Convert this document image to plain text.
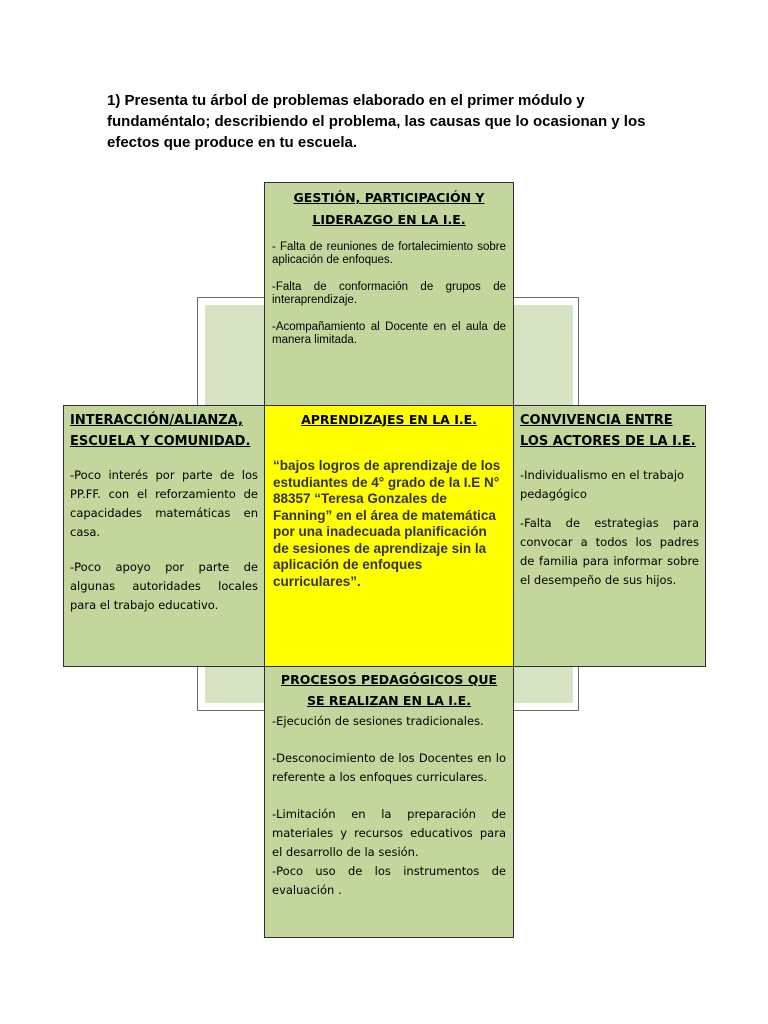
1) Presenta tu árbol de problemas elaborado en el primer módulo y fundaméntalo; describiendo el problema, las causas que lo ocasionan y los efectos que produce en tu escuela.
GESTIÓN, PARTICIPACIÓN Y LIDERAZGO EN LA I.E.

- Falta de reuniones de fortalecimiento sobre aplicación de enfoques.

-Falta de conformación de grupos de interaprendizaje.

-Acompañamiento al Docente en el aula de manera limitada.

INTERACCIÓN/ALIANZA, ESCUELA Y COMUNIDAD.

-Poco interés por parte de los PP.FF. con el reforzamiento de capacidades matemáticas en casa.

-Poco apoyo por parte de algunas autoridades locales para el trabajo educativo.

APRENDIZAJES EN LA I.E.

“bajos logros de aprendizaje de los estudiantes de 4° grado de la I.E N° 88357 “Teresa Gonzales de Fanning” en el área de matemática por una inadecuada planificación de sesiones de aprendizaje sin la aplicación de enfoques curriculares”.

CONVIVENCIA ENTRE LOS ACTORES DE LA I.E.

-Individualismo en el trabajo pedagógico

-Falta de estrategias para convocar a todos los padres de familia para informar sobre el desempeño de sus hijos.

PROCESOS PEDAGÓGICOS QUE SE REALIZAN EN LA I.E.

-Ejecución de sesiones tradicionales.

-Desconocimiento de los Docentes en lo referente a los enfoques curriculares.

-Limitación en la preparación de materiales y recursos educativos para el desarrollo de la sesión.

-Poco uso de los instrumentos de evaluación .
